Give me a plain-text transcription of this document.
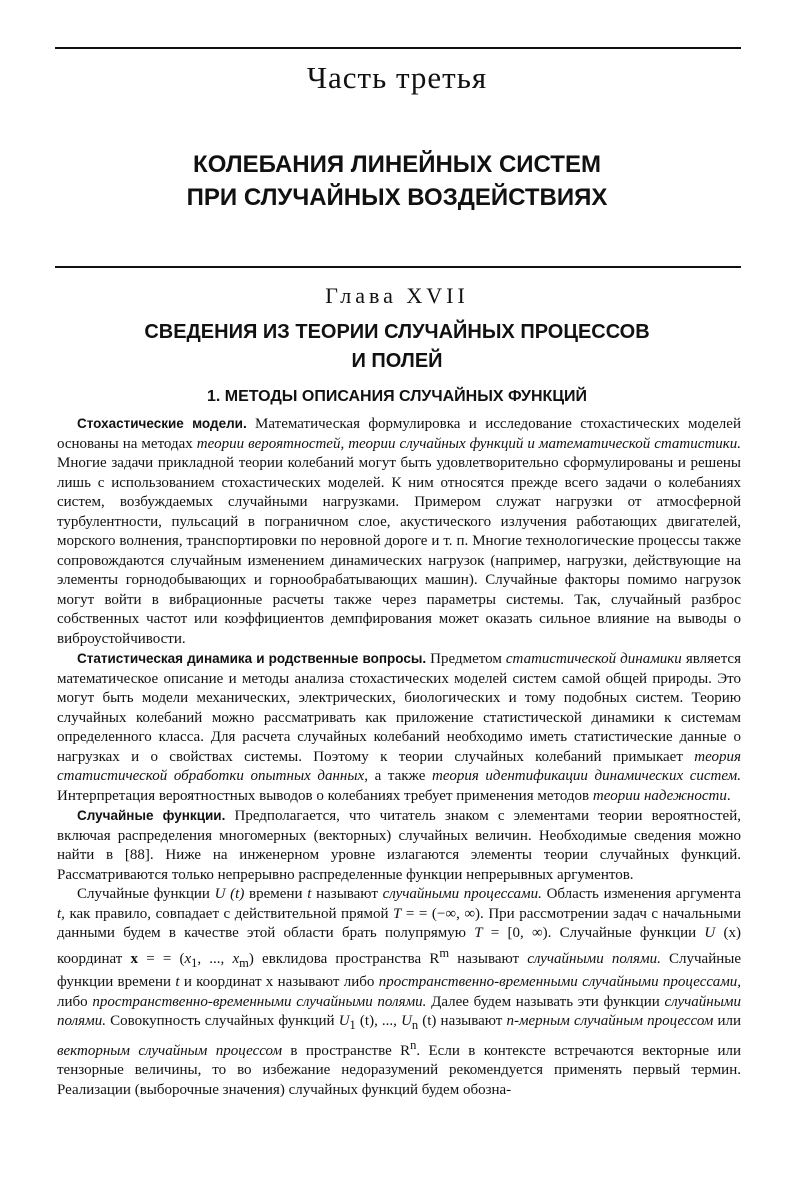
Часть третья
КОЛЕБАНИЯ ЛИНЕЙНЫХ СИСТЕМ
ПРИ СЛУЧАЙНЫХ ВОЗДЕЙСТВИЯХ
Глава XVII
СВЕДЕНИЯ ИЗ ТЕОРИИ СЛУЧАЙНЫХ ПРОЦЕССОВ
И ПОЛЕЙ
1. МЕТОДЫ ОПИСАНИЯ СЛУЧАЙНЫХ ФУНКЦИЙ

Стохастические модели. Математическая формулировка и исследование стохастических моделей основаны на методах теории вероятностей, теории случайных функций и математической статистики. Многие задачи прикладной теории колебаний могут быть удовлетворительно сформулированы и решены лишь с использованием стохастических моделей. К ним относятся прежде всего задачи о колебаниях систем, возбуждаемых случайными нагрузками. Примером служат нагрузки от атмосферной турбулентности, пульсаций в пограничном слое, акустического излучения работающих двигателей, морского волнения, транспортировки по неровной дороге и т. п. Многие технологические процессы также сопровождаются случайным изменением динамических нагрузок (например, нагрузки, действующие на элементы горнодобывающих и горнообрабатывающих машин). Случайные факторы помимо нагрузок могут войти в вибрационные расчеты также через параметры системы. Так, случайный разброс собственных частот или коэффициентов демпфирования может оказать сильное влияние на выводы о виброустойчивости.

Статистическая динамика и родственные вопросы. Предметом статистической динамики является математическое описание и методы анализа стохастических моделей систем самой общей природы. Это могут быть модели механических, электрических, биологических и тому подобных систем. Теорию случайных колебаний можно рассматривать как приложение статистической динамики к системам определенного класса. Для расчета случайных колебаний необходимо иметь статистические данные о нагрузках и о свойствах системы. Поэтому к теории случайных колебаний примыкает теория статистической обработки опытных данных, а также теория идентификации динамических систем. Интерпретация вероятностных выводов о колебаниях требует применения методов теории надежности.

Случайные функции. Предполагается, что читатель знаком с элементами теории вероятностей, включая распределения многомерных (векторных) случайных величин. Необходимые сведения можно найти в [88]. Ниже на инженерном уровне излагаются элементы теории случайных функций. Рассматриваются только непрерывно распределенные функции непрерывных аргументов.

Случайные функции U (t) времени t называют случайными процессами. Область изменения аргумента t, как правило, совпадает с действительной прямой T = = (−∞, ∞). При рассмотрении задач с начальными данными будем в качестве этой области брать полупрямую T = [0, ∞). Случайные функции U (x) координат x = = ($x_1$, ..., $x_m$) евклидова пространства $R^m$ называют случайными полями. Случайные функции времени t и координат x называют либо пространственно-временными случайными процессами, либо пространственно-временными случайными полями. Далее будем называть эти функции случайными полями. Совокупность случайных функций $U_1$ (t), ..., $U_n$ (t) называют n-мерным случайным процессом или векторным случайным процессом в пространстве $R^n$. Если в контексте встречаются векторные или тензорные величины, то во избежание недоразумений рекомендуется применять первый термин. Реализации (выборочные значения) случайных функций будем обозна-
